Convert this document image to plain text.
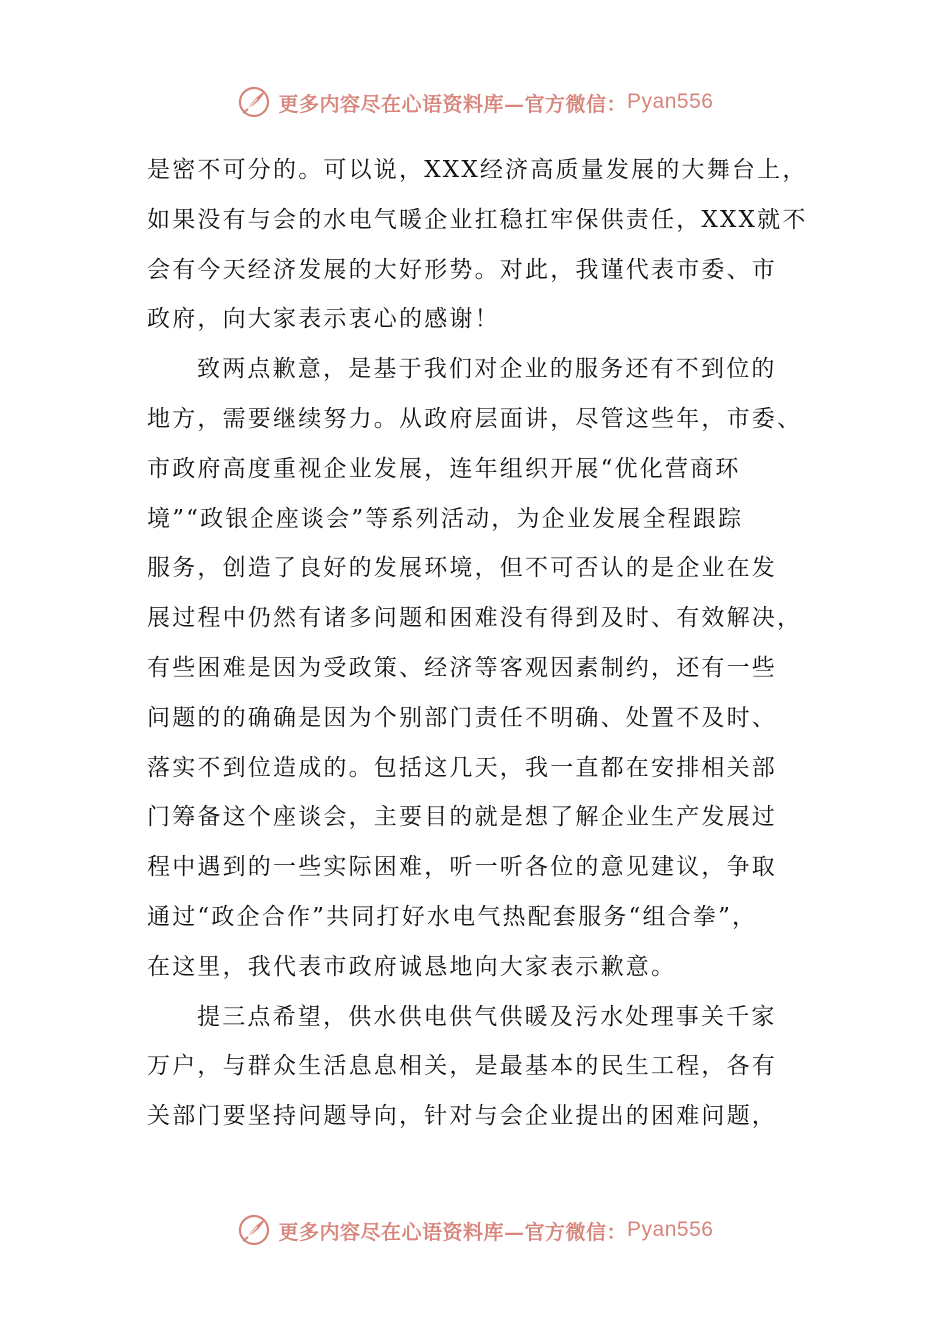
更多内容尽在心语资料库—官方微信： Pyan556
是密不可分的。可以说，XXX经济高质量发展的大舞台上，
如果没有与会的水电气暖企业扛稳扛牢保供责任，XXX就不
会有今天经济发展的大好形势。对此，我谨代表市委、市
政府，向大家表示衷心的感谢！
致两点歉意，是基于我们对企业的服务还有不到位的
地方，需要继续努力。从政府层面讲，尽管这些年，市委、
市政府高度重视企业发展，连年组织开展“优化营商环
境”“政银企座谈会”等系列活动，为企业发展全程跟踪
服务，创造了良好的发展环境，但不可否认的是企业在发
展过程中仍然有诸多问题和困难没有得到及时、有效解决，
有些困难是因为受政策、经济等客观因素制约，还有一些
问题的的确确是因为个别部门责任不明确、处置不及时、
落实不到位造成的。包括这几天，我一直都在安排相关部
门筹备这个座谈会，主要目的就是想了解企业生产发展过
程中遇到的一些实际困难，听一听各位的意见建议，争取
通过“政企合作”共同打好水电气热配套服务“组合拳”，
在这里，我代表市政府诚恳地向大家表示歉意。
提三点希望，供水供电供气供暖及污水处理事关千家
万户，与群众生活息息相关，是最基本的民生工程，各有
关部门要坚持问题导向，针对与会企业提出的困难问题，
更多内容尽在心语资料库—官方微信： Pyan556
